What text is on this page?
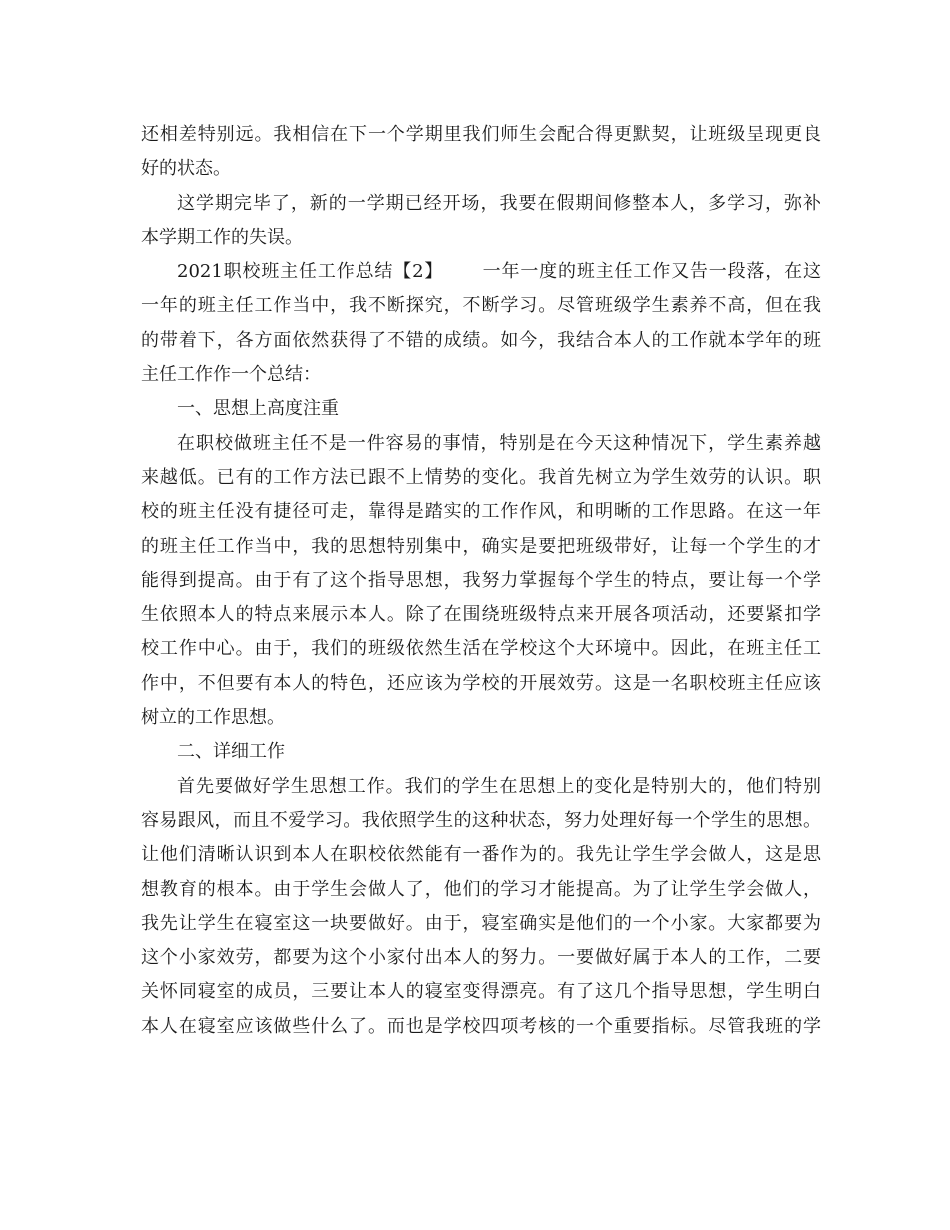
还相差特别远。我相信在下一个学期里我们师生会配合得更默契，让班级呈现更良
好的状态。
这学期完毕了，新的一学期已经开场，我要在假期间修整本人，多学习，弥补
本学期工作的失误。
2021职校班主任工作总结【2】      一年一度的班主任工作又告一段落，在这
一年的班主任工作当中，我不断探究，不断学习。尽管班级学生素养不高，但在我
的带着下，各方面依然获得了不错的成绩。如今，我结合本人的工作就本学年的班
主任工作作一个总结：
一、思想上高度注重
在职校做班主任不是一件容易的事情，特别是在今天这种情况下，学生素养越
来越低。已有的工作方法已跟不上情势的变化。我首先树立为学生效劳的认识。职
校的班主任没有捷径可走，靠得是踏实的工作作风，和明晰的工作思路。在这一年
的班主任工作当中，我的思想特别集中，确实是要把班级带好，让每一个学生的才
能得到提高。由于有了这个指导思想，我努力掌握每个学生的特点，要让每一个学
生依照本人的特点来展示本人。除了在围绕班级特点来开展各项活动，还要紧扣学
校工作中心。由于，我们的班级依然生活在学校这个大环境中。因此，在班主任工
作中，不但要有本人的特色，还应该为学校的开展效劳。这是一名职校班主任应该
树立的工作思想。
二、详细工作
首先要做好学生思想工作。我们的学生在思想上的变化是特别大的，他们特别
容易跟风，而且不爱学习。我依照学生的这种状态，努力处理好每一个学生的思想。
让他们清晰认识到本人在职校依然能有一番作为的。我先让学生学会做人，这是思
想教育的根本。由于学生会做人了，他们的学习才能提高。为了让学生学会做人，
我先让学生在寝室这一块要做好。由于，寝室确实是他们的一个小家。大家都要为
这个小家效劳，都要为这个小家付出本人的努力。一要做好属于本人的工作，二要
关怀同寝室的成员，三要让本人的寝室变得漂亮。有了这几个指导思想，学生明白
本人在寝室应该做些什么了。而也是学校四项考核的一个重要指标。尽管我班的学
